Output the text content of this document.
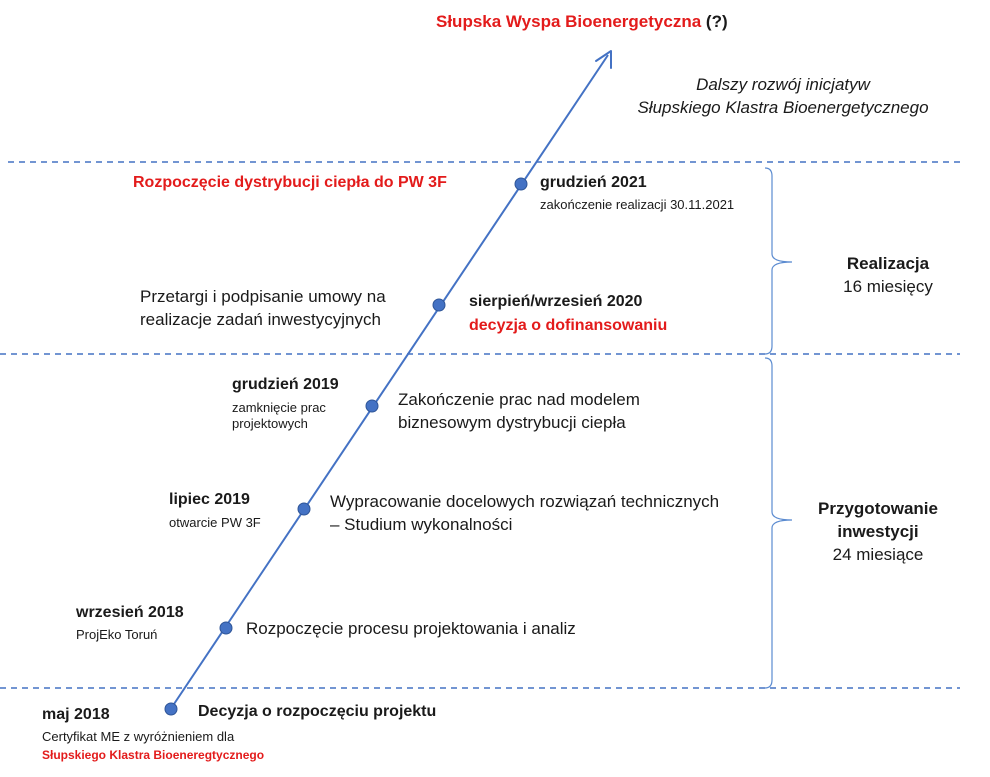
Słupska Wyspa Bioenergetyczna (?)
Dalszy rozwój inicjatyw
Słupskiego Klastra Bioenergetycznego
Rozpoczęcie dystrybucji ciepła do PW 3F	grudzień 2021
zakończenie realizacji 30.11.2021
Przetargi i podpisanie umowy na
realizacje zadań inwestycyjnych
sierpień/wrzesień 2020
decyzja o dofinansowaniu
grudzień 2019
zamknięcie prac
projektowych
Zakończenie prac nad modelem
biznesowym dystrybucji ciepła
lipiec 2019
otwarcie PW 3F
Wypracowanie docelowych rozwiązań technicznych
– Studium wykonalności
wrzesień 2018
ProjEko Toruń	Rozpoczęcie procesu projektowania i analiz
maj 2018
Certyfikat ME z wyróżnieniem dla
Słupskiego Klastra Bioeneregtycznego
Decyzja o rozpoczęciu projektu
Realizacja
16 miesięcy
Przygotowanie
inwestycji
24 miesiące
